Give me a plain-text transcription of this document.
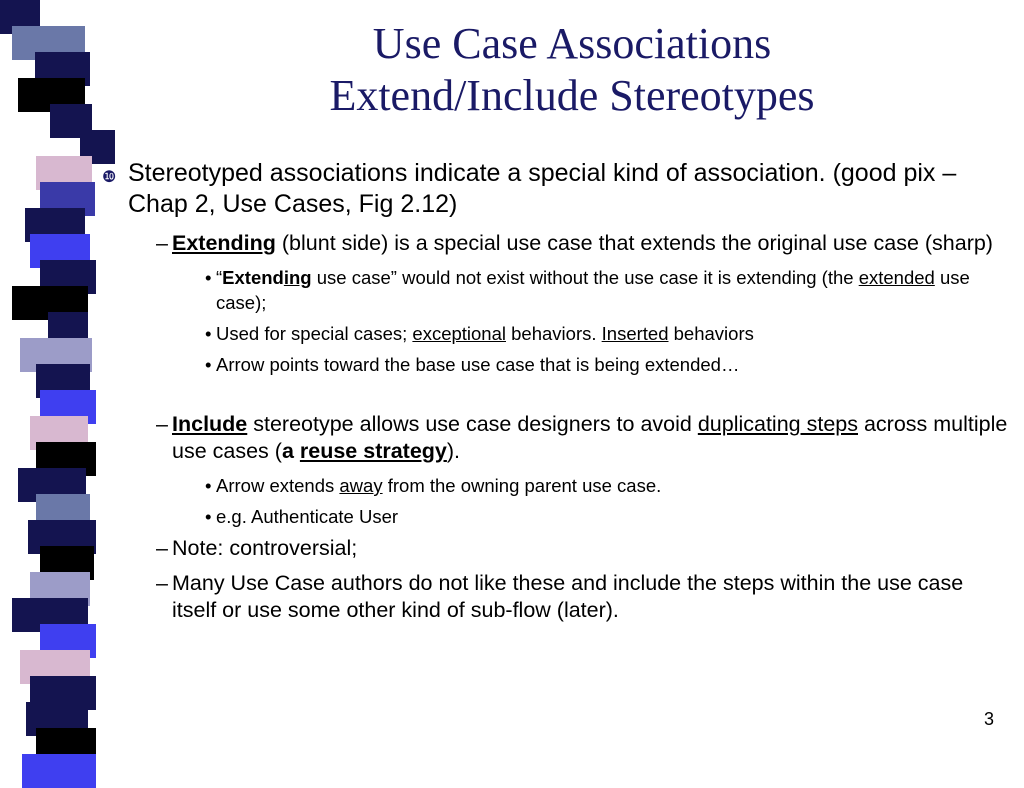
Use Case Associations
Extend/Include Stereotypes
❿ Stereotyped associations indicate a special kind of association. (good pix – Chap 2, Use Cases, Fig 2.12)
– Extending (blunt side) is a special use case that extends the original use case (sharp)
• “Extending use case” would not exist without the use case it is extending (the extended use case);
• Used for special cases; exceptional behaviors. Inserted behaviors
• Arrow points toward the base use case that is being extended…
– Include stereotype allows use case designers to avoid duplicating steps across multiple use cases (a reuse strategy).
• Arrow extends away from the owning parent use case.
• e.g. Authenticate User
– Note: controversial;
– Many Use Case authors do not like these and include the steps within the use case itself or use some other kind of sub-flow (later).
3
